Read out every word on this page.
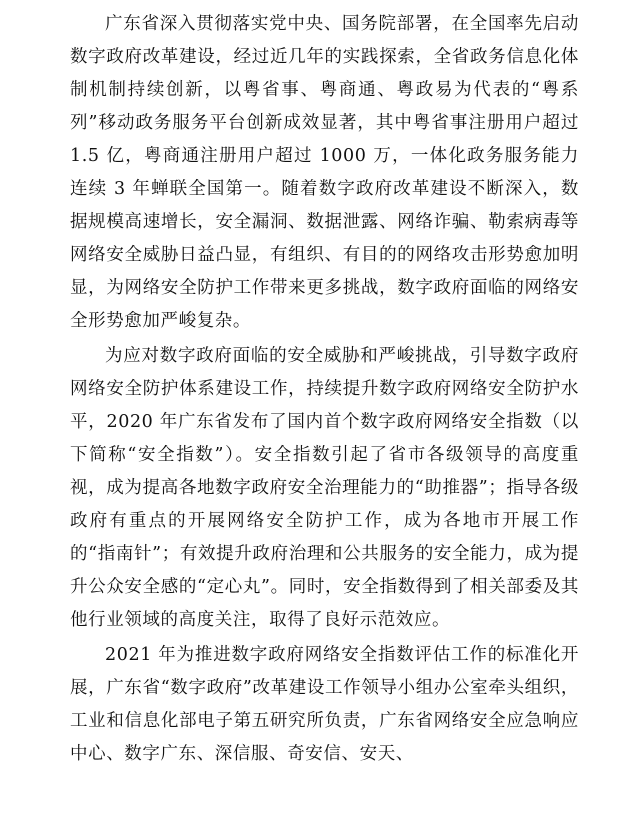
广东省深入贯彻落实党中央、国务院部署，在全国率先启动数字政府改革建设，经过近几年的实践探索，全省政务信息化体制机制持续创新，以粤省事、粤商通、粤政易为代表的“粤系列”移动政务服务平台创新成效显著，其中粤省事注册用户超过 1.5 亿，粤商通注册用户超过 1000 万，一体化政务服务能力连续 3 年蝉联全国第一。随着数字政府改革建设不断深入，数据规模高速增长，安全漏洞、数据泄露、网络诈骗、勒索病毒等网络安全威胁日益凸显，有组织、有目的的网络攻击形势愈加明显，为网络安全防护工作带来更多挑战，数字政府面临的网络安全形势愈加严峻复杂。

为应对数字政府面临的安全威胁和严峻挑战，引导数字政府网络安全防护体系建设工作，持续提升数字政府网络安全防护水平，2020 年广东省发布了国内首个数字政府网络安全指数（以下简称“安全指数”）。安全指数引起了省市各级领导的高度重视，成为提高各地数字政府安全治理能力的“助推器”；指导各级政府有重点的开展网络安全防护工作，成为各地市开展工作的“指南针”；有效提升政府治理和公共服务的安全能力，成为提升公众安全感的“定心丸”。同时，安全指数得到了相关部委及其他行业领域的高度关注，取得了良好示范效应。

2021 年为推进数字政府网络安全指数评估工作的标准化开展，广东省“数字政府”改革建设工作领导小组办公室牵头组织，工业和信息化部电子第五研究所负责，广东省网络安全应急响应中心、数字广东、深信服、奇安信、安天、
